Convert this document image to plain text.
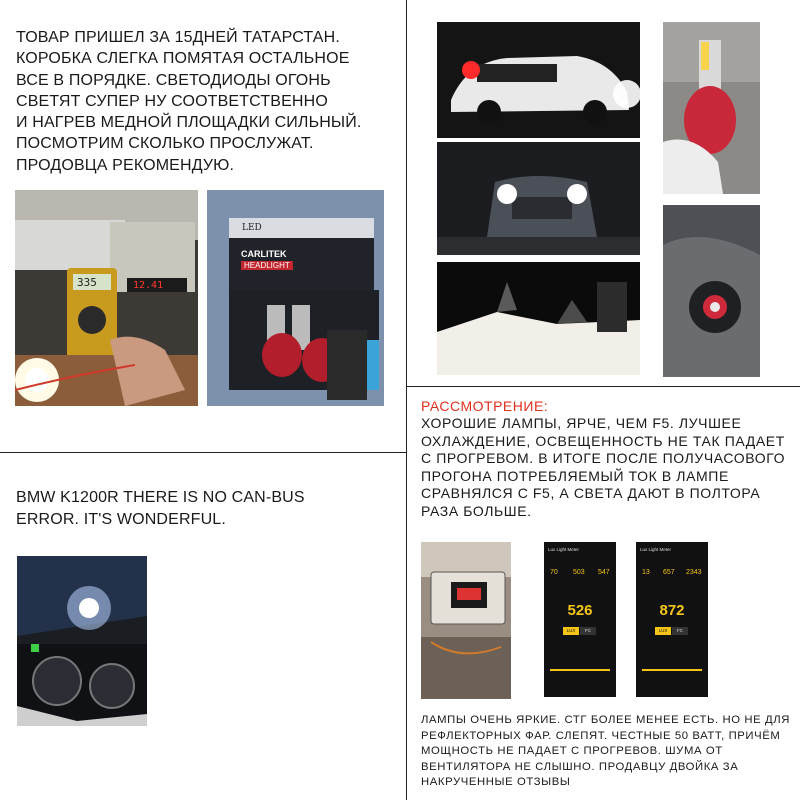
ТОВАР ПРИШЕЛ ЗА 15ДНЕЙ ТАТАРСТАН.
КОРОБКА СЛЕГКА ПОМЯТАЯ ОСТАЛЬНОЕ
ВСЕ В ПОРЯДКЕ. СВЕТОДИОДЫ ОГОНЬ
СВЕТЯТ СУПЕР НУ СООТВЕТСТВЕННО
И НАГРЕВ МЕДНОЙ ПЛОЩАДКИ СИЛЬНЫЙ.
ПОСМОТРИМ СКОЛЬКО ПРОСЛУЖАТ.
ПРОДОВЦА РЕКОМЕНДУЮ.
335	12.41
LED
CARLITEK
HEADLIGHT
BMW K1200R THERE IS NO CAN-BUS
ERROR. IT'S WONDERFUL.
РАССМОТРЕНИЕ:
ХОРОШИЕ ЛАМПЫ, ЯРЧЕ, ЧЕМ F5. ЛУЧШЕЕ
ОХЛАЖДЕНИЕ, ОСВЕЩЕННОСТЬ НЕ ТАК ПАДАЕТ
С ПРОГРЕВОМ. В ИТОГЕ ПОСЛЕ ПОЛУЧАСОВОГО
ПРОГОНА ПОТРЕБЛЯЕМЫЙ ТОК В ЛАМПЕ
СРАВНЯЛСЯ С F5, А СВЕТА ДАЮТ В ПОЛТОРА
РАЗА БОЛЬШЕ.
Lux Light Meter
70 503 547
526
LUX	FC
Lux Light Meter
13 657 2343
872
LUX	FC
ЛАМПЫ ОЧЕНЬ ЯРКИЕ. СТГ БОЛЕЕ МЕНЕЕ ЕСТЬ. НО НЕ ДЛЯ
РЕФЛЕКТОРНЫХ ФАР. СЛЕПЯТ. ЧЕСТНЫЕ 50 ВАТТ, ПРИЧЁМ
МОЩНОСТЬ НЕ ПАДАЕТ С ПРОГРЕВОВ. ШУМА ОТ
ВЕНТИЛЯТОРА НЕ СЛЫШНО. ПРОДАВЦУ ДВОЙКА ЗА
НАКРУЧЕННЫЕ ОТЗЫВЫ
